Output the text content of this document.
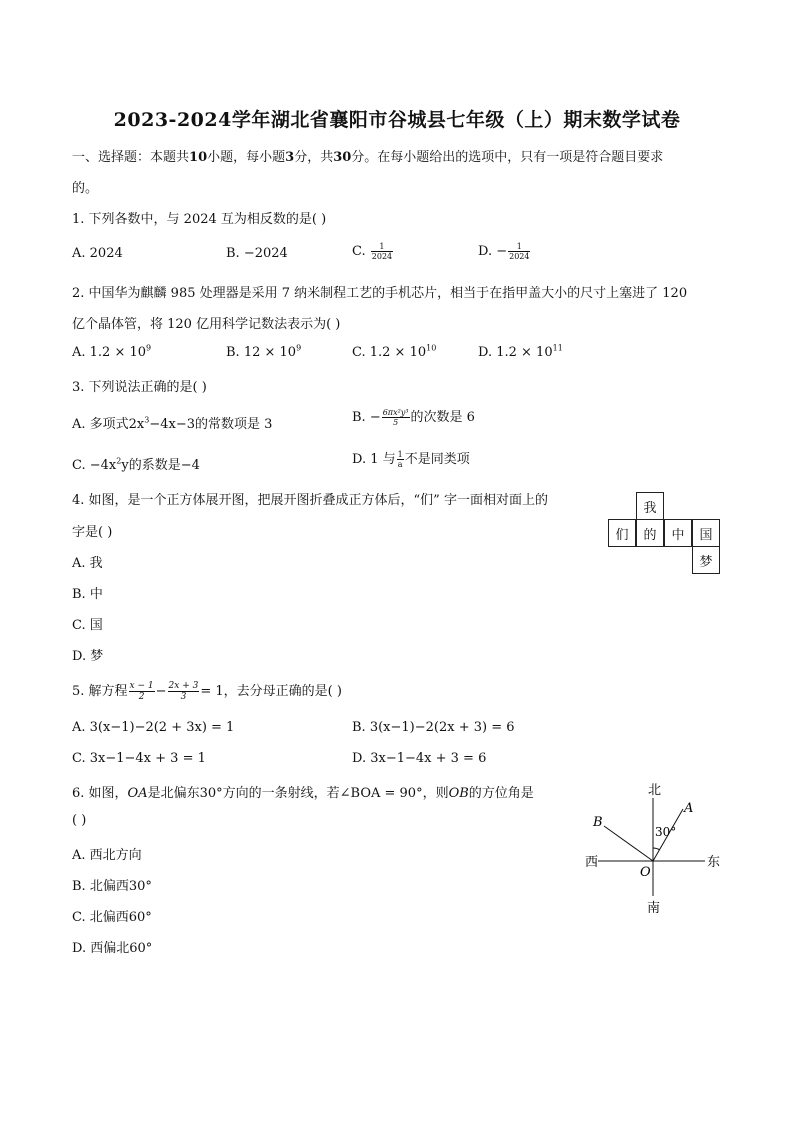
2023-2024学年湖北省襄阳市谷城县七年级（上）期末数学试卷
一、选择题：本题共10小题，每小题3分，共30分。在每小题给出的选项中，只有一项是符合题目要求
的。
1. 下列各数中，与 2024 互为相反数的是( )
A. 2024	B. −2024	C. $\frac{1}{2024}$	D. − $\frac{1}{2024}$
2. 中国华为麒麟 985 处理器是采用 7 纳米制程工艺的手机芯片，相当于在指甲盖大小的尺寸上塞进了 120
亿个晶体管，将 120 亿用科学记数法表示为( )
A. $1.2 \times 10^9$	B. $12 \times 10^9$	C. $1.2 \times 10^{10}$	D. $1.2 \times 10^{11}$
3. 下列说法正确的是( )
A. 多项式$2x^3-4x-3$的常数项是 3	B. − $\frac{\text{6πx²y³}}{5}$ 的次数是 6
C. $-4x^2y$的系数是−4	D. 1 与 $\frac{1}{a}$ 不是同类项
4. 如图，是一个正方体展开图，把展开图折叠成正方体后，“们” 字一面相对面上的
字是( )
A. 我
B. 中
C. 国
D. 梦
我
们	的	中	国
梦
5. 解方程 $\frac{x - 1}{2} - \frac{2x + 3}{3} = 1$，去分母正确的是( )
A. 3(x−1)−2(2 + 3x) = 1	B. 3(x−1)−2(2x + 3) = 6
C. 3x−1−4x + 3 = 1	D. 3x−1−4x + 3 = 6
6. 如图，OA是北偏东30°方向的一条射线，若∠BOA = 90°，则OB的方位角是
( )
A. 西北方向
B. 北偏西30°
C. 北偏西60°
D. 西偏北60°
北
南
西	东
A
B
O
30°
